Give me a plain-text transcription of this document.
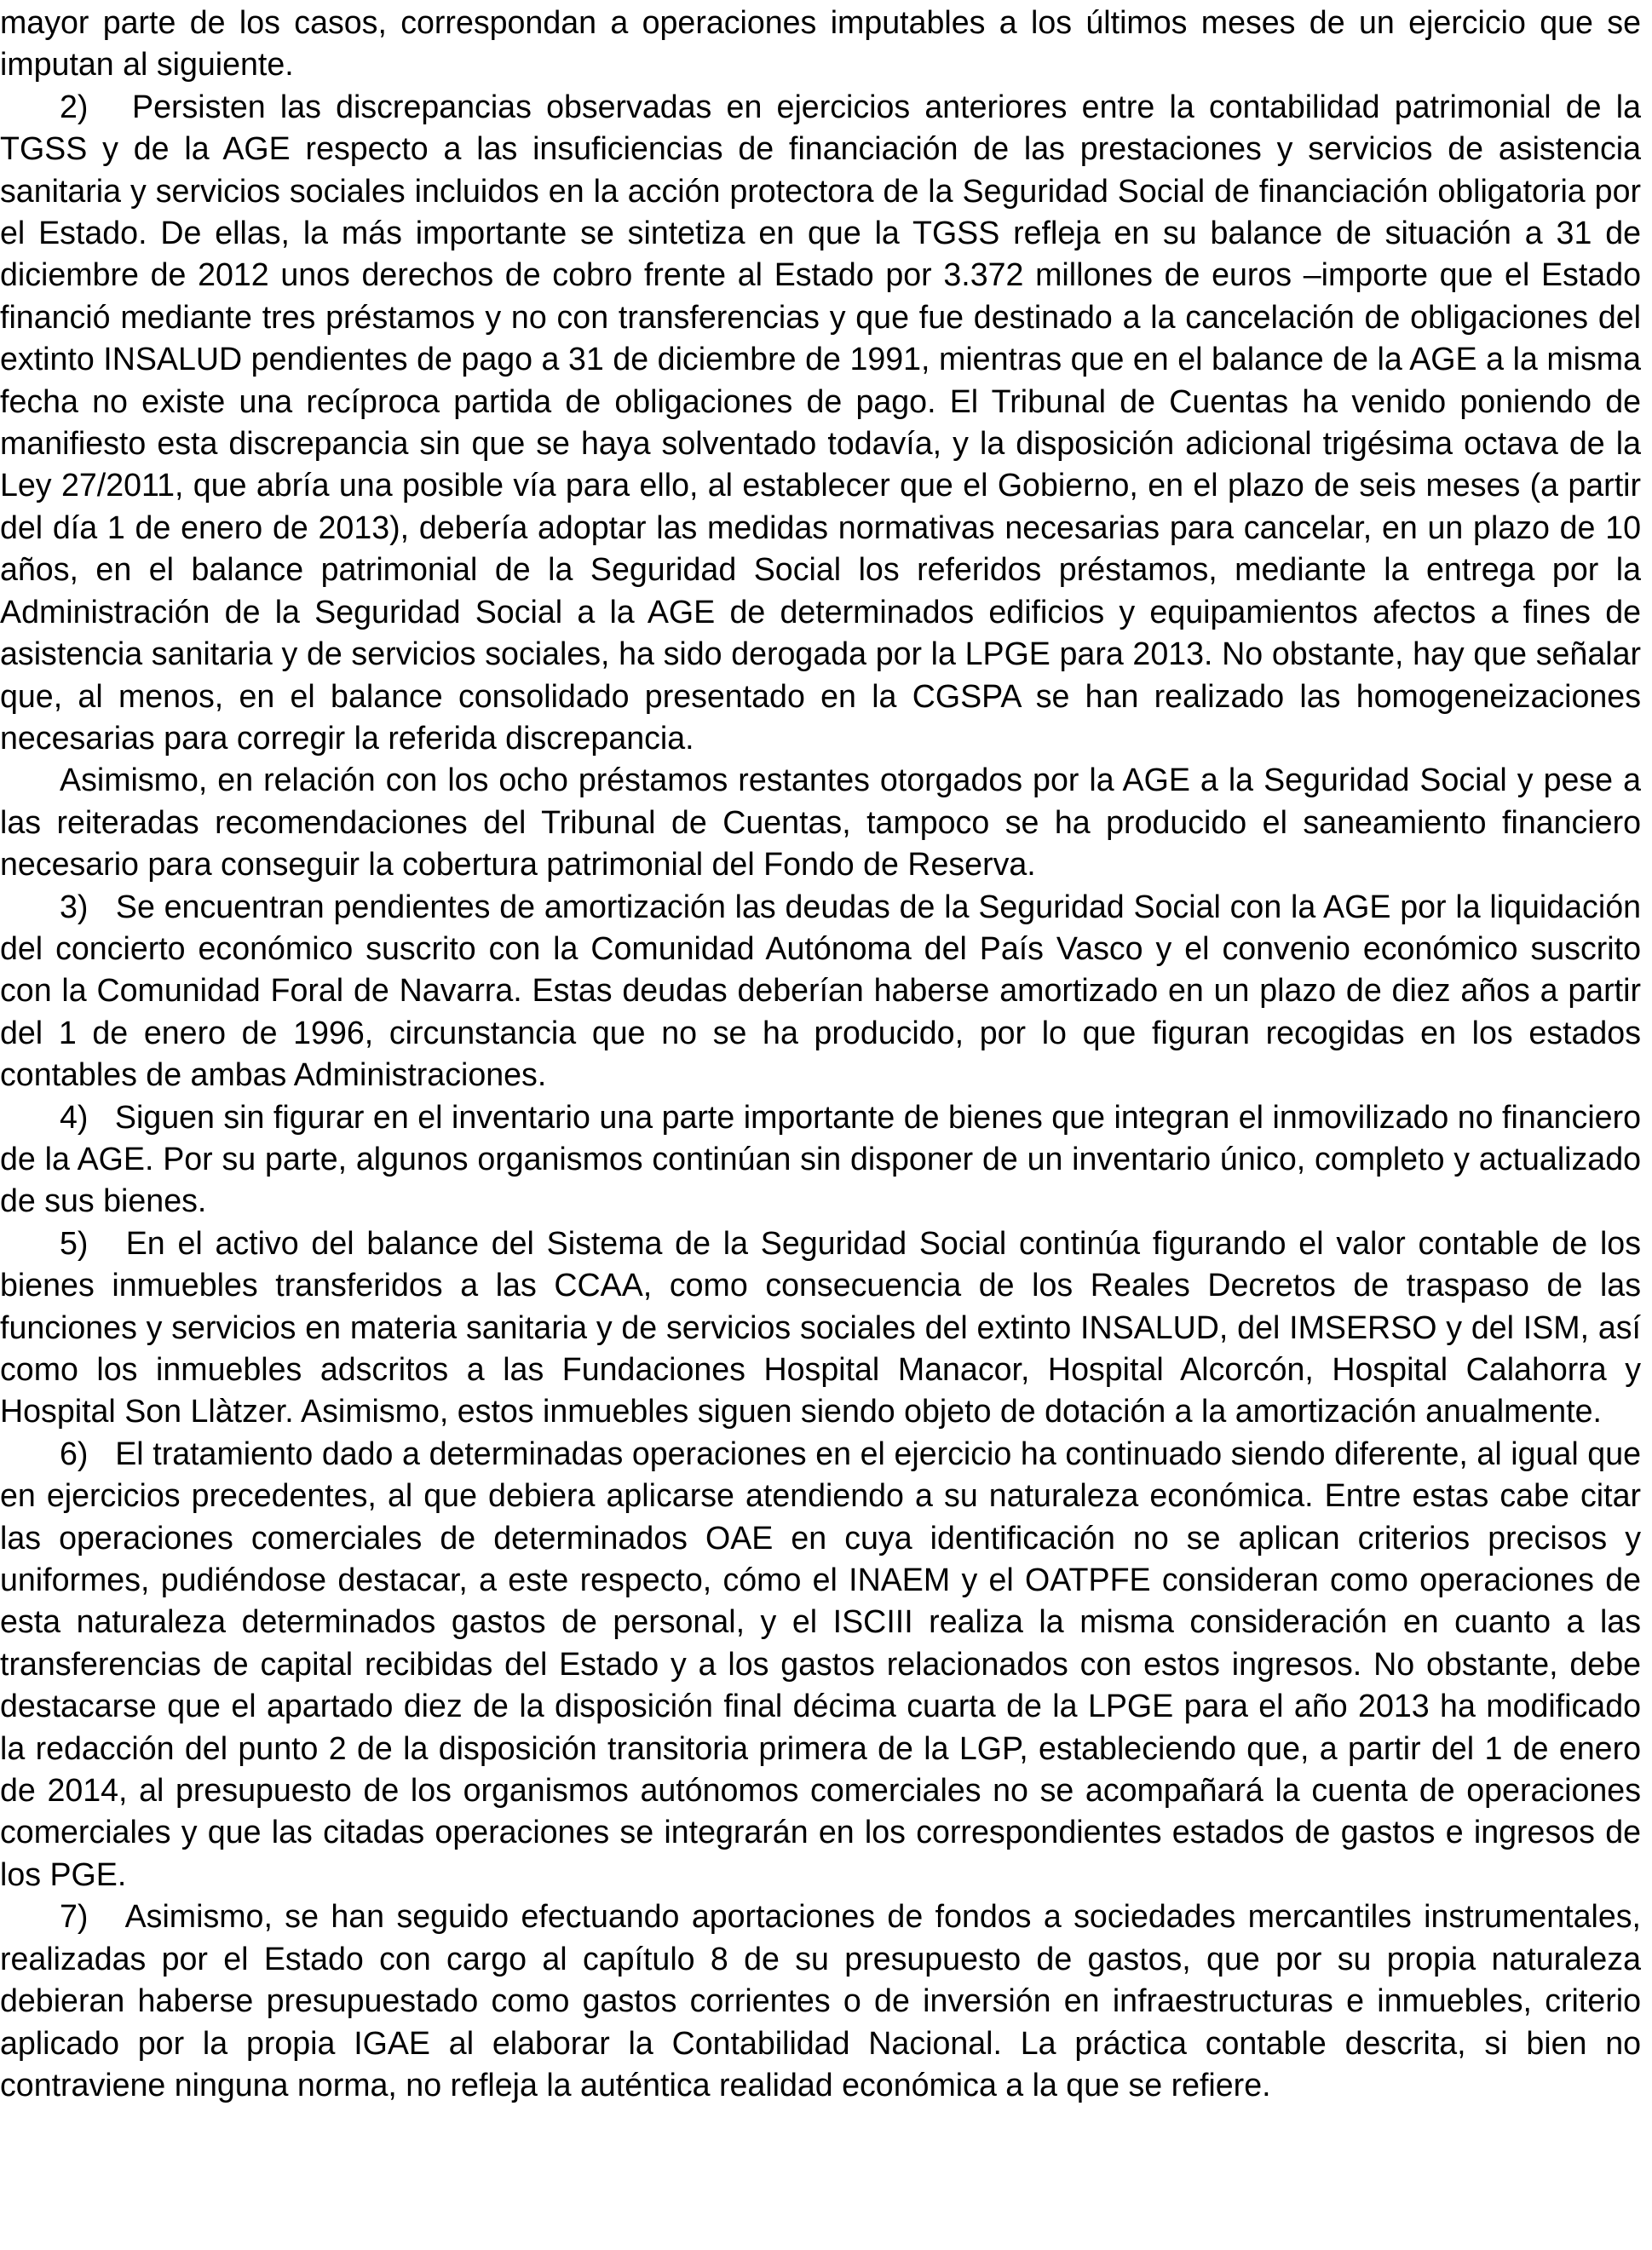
mayor parte de los casos, correspondan a operaciones imputables a los últimos meses de un ejercicio que se imputan al siguiente.

2)   Persisten las discrepancias observadas en ejercicios anteriores entre la contabilidad patrimonial de la TGSS y de la AGE respecto a las insuficiencias de financiación de las prestaciones y servicios de asistencia sanitaria y servicios sociales incluidos en la acción protectora de la Seguridad Social de financiación obligatoria por el Estado. De ellas, la más importante se sintetiza en que la TGSS refleja en su balance de situación a 31 de diciembre de 2012 unos derechos de cobro frente al Estado por 3.372 millones de euros –importe que el Estado financió mediante tres préstamos y no con transferencias y que fue destinado a la cancelación de obligaciones del extinto INSALUD pendientes de pago a 31 de diciembre de 1991, mientras que en el balance de la AGE a la misma fecha no existe una recíproca partida de obligaciones de pago. El Tribunal de Cuentas ha venido poniendo de manifiesto esta discrepancia sin que se haya solventado todavía, y la disposición adicional trigésima octava de la Ley 27/2011, que abría una posible vía para ello, al establecer que el Gobierno, en el plazo de seis meses (a partir del día 1 de enero de 2013), debería adoptar las medidas normativas necesarias para cancelar, en un plazo de 10 años, en el balance patrimonial de la Seguridad Social los referidos préstamos, mediante la entrega por la Administración de la Seguridad Social a la AGE de determinados edificios y equipamientos afectos a fines de asistencia sanitaria y de servicios sociales, ha sido derogada por la LPGE para 2013. No obstante, hay que señalar que, al menos, en el balance consolidado presentado en la CGSPA se han realizado las homogeneizaciones necesarias para corregir la referida discrepancia.

Asimismo, en relación con los ocho préstamos restantes otorgados por la AGE a la Seguridad Social y pese a las reiteradas recomendaciones del Tribunal de Cuentas, tampoco se ha producido el saneamiento financiero necesario para conseguir la cobertura patrimonial del Fondo de Reserva.

3)   Se encuentran pendientes de amortización las deudas de la Seguridad Social con la AGE por la liquidación del concierto económico suscrito con la Comunidad Autónoma del País Vasco y el convenio económico suscrito con la Comunidad Foral de Navarra. Estas deudas deberían haberse amortizado en un plazo de diez años a partir del 1 de enero de 1996, circunstancia que no se ha producido, por lo que figuran recogidas en los estados contables de ambas Administraciones.

4)   Siguen sin figurar en el inventario una parte importante de bienes que integran el inmovilizado no financiero de la AGE. Por su parte, algunos organismos continúan sin disponer de un inventario único, completo y actualizado de sus bienes.

5)   En el activo del balance del Sistema de la Seguridad Social continúa figurando el valor contable de los bienes inmuebles transferidos a las CCAA, como consecuencia de los Reales Decretos de traspaso de las funciones y servicios en materia sanitaria y de servicios sociales del extinto INSALUD, del IMSERSO y del ISM, así como los inmuebles adscritos a las Fundaciones Hospital Manacor, Hospital Alcorcón, Hospital Calahorra y Hospital Son Llàtzer. Asimismo, estos inmuebles siguen siendo objeto de dotación a la amortización anualmente.

6)   El tratamiento dado a determinadas operaciones en el ejercicio ha continuado siendo diferente, al igual que en ejercicios precedentes, al que debiera aplicarse atendiendo a su naturaleza económica. Entre estas cabe citar las operaciones comerciales de determinados OAE en cuya identificación no se aplican criterios precisos y uniformes, pudiéndose destacar, a este respecto, cómo el INAEM y el OATPFE consideran como operaciones de esta naturaleza determinados gastos de personal, y el ISCIII realiza la misma consideración en cuanto a las transferencias de capital recibidas del Estado y a los gastos relacionados con estos ingresos. No obstante, debe destacarse que el apartado diez de la disposición final décima cuarta de la LPGE para el año 2013 ha modificado la redacción del punto 2 de la disposición transitoria primera de la LGP, estableciendo que, a partir del 1 de enero de 2014, al presupuesto de los organismos autónomos comerciales no se acompañará la cuenta de operaciones comerciales y que las citadas operaciones se integrarán en los correspondientes estados de gastos e ingresos de los PGE.

7)   Asimismo, se han seguido efectuando aportaciones de fondos a sociedades mercantiles instrumentales, realizadas por el Estado con cargo al capítulo 8 de su presupuesto de gastos, que por su propia naturaleza debieran haberse presupuestado como gastos corrientes o de inversión en infraestructuras e inmuebles, criterio aplicado por la propia IGAE al elaborar la Contabilidad Nacional. La práctica contable descrita, si bien no contraviene ninguna norma, no refleja la auténtica realidad económica a la que se refiere.
